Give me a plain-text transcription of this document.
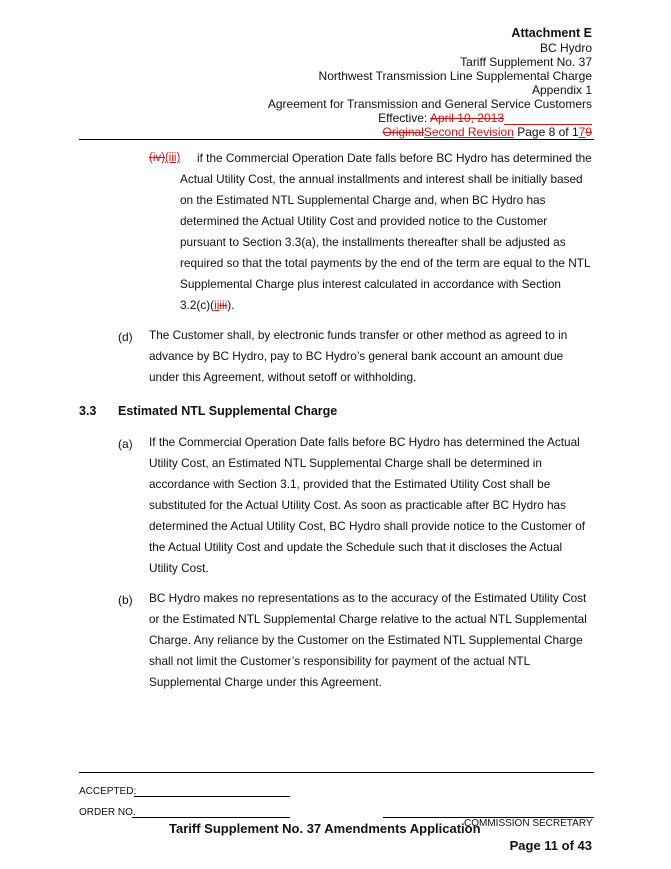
Attachment E
BC Hydro
Tariff Supplement No. 37
Northwest Transmission Line Supplemental Charge
Appendix 1
Agreement for Transmission and General Service Customers
Effective: April 10, 2013
OriginalSecond Revision Page 8 of 179
(iv)(iii)	if the Commercial Operation Date falls before BC Hydro has determined the Actual Utility Cost, the annual installments and interest shall be initially based on the Estimated NTL Supplemental Charge and, when BC Hydro has determined the Actual Utility Cost and provided notice to the Customer pursuant to Section 3.3(a), the installments thereafter shall be adjusted as required so that the total payments by the end of the term are equal to the NTL Supplemental Charge plus interest calculated in accordance with Section 3.2(c)(iiiii).
(d) The Customer shall, by electronic funds transfer or other method as agreed to in advance by BC Hydro, pay to BC Hydro’s general bank account an amount due under this Agreement, without setoff or withholding.
3.3 Estimated NTL Supplemental Charge
(a) If the Commercial Operation Date falls before BC Hydro has determined the Actual Utility Cost, an Estimated NTL Supplemental Charge shall be determined in accordance with Section 3.1, provided that the Estimated Utility Cost shall be substituted for the Actual Utility Cost. As soon as practicable after BC Hydro has determined the Actual Utility Cost, BC Hydro shall provide notice to the Customer of the Actual Utility Cost and update the Schedule such that it discloses the Actual Utility Cost.
(b) BC Hydro makes no representations as to the accuracy of the Estimated Utility Cost or the Estimated NTL Supplemental Charge relative to the actual NTL Supplemental Charge. Any reliance by the Customer on the Estimated NTL Supplemental Charge shall not limit the Customer’s responsibility for payment of the actual NTL Supplemental Charge under this Agreement.
ACCEPTED:
ORDER NO.
COMMISSION SECRETARY
Tariff Supplement No. 37 Amendments Application
Page 11 of 43
